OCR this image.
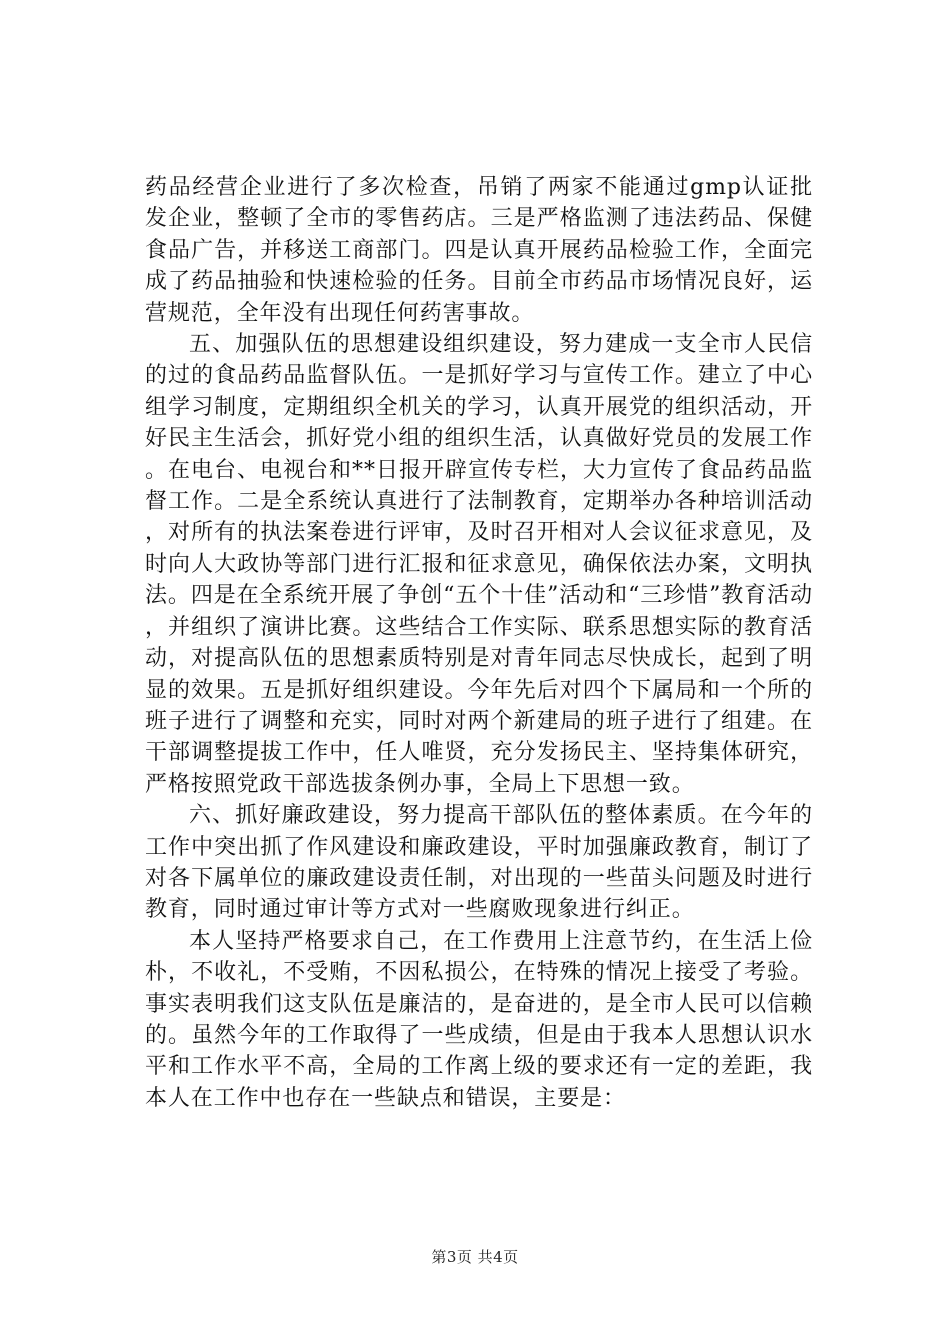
药品经营企业进行了多次检查，吊销了两家不能通过gmp认证批发企业，整顿了全市的零售药店。三是严格监测了违法药品、保健食品广告，并移送工商部门。四是认真开展药品检验工作，全面完成了药品抽验和快速检验的任务。目前全市药品市场情况良好，运营规范，全年没有出现任何药害事故。

五、加强队伍的思想建设组织建设，努力建成一支全市人民信的过的食品药品监督队伍。一是抓好学习与宣传工作。建立了中心组学习制度，定期组织全机关的学习，认真开展党的组织活动，开好民主生活会，抓好党小组的组织生活，认真做好党员的发展工作。在电台、电视台和**日报开辟宣传专栏，大力宣传了食品药品监督工作。二是全系统认真进行了法制教育，定期举办各种培训活动，对所有的执法案卷进行评审，及时召开相对人会议征求意见，及时向人大政协等部门进行汇报和征求意见，确保依法办案，文明执法。四是在全系统开展了争创“五个十佳”活动和“三珍惜”教育活动，并组织了演讲比赛。这些结合工作实际、联系思想实际的教育活动，对提高队伍的思想素质特别是对青年同志尽快成长，起到了明显的效果。五是抓好组织建设。今年先后对四个下属局和一个所的班子进行了调整和充实，同时对两个新建局的班子进行了组建。在干部调整提拔工作中，任人唯贤，充分发扬民主、坚持集体研究，严格按照党政干部选拔条例办事，全局上下思想一致。

六、抓好廉政建设，努力提高干部队伍的整体素质。在今年的工作中突出抓了作风建设和廉政建设，平时加强廉政教育，制订了对各下属单位的廉政建设责任制，对出现的一些苗头问题及时进行教育，同时通过审计等方式对一些腐败现象进行纠正。

本人坚持严格要求自己，在工作费用上注意节约，在生活上俭朴，不收礼，不受贿，不因私损公，在特殊的情况上接受了考验。事实表明我们这支队伍是廉洁的，是奋进的，是全市人民可以信赖的。虽然今年的工作取得了一些成绩，但是由于我本人思想认识水平和工作水平不高，全局的工作离上级的要求还有一定的差距，我本人在工作中也存在一些缺点和错误，主要是：

第3页 共4页
